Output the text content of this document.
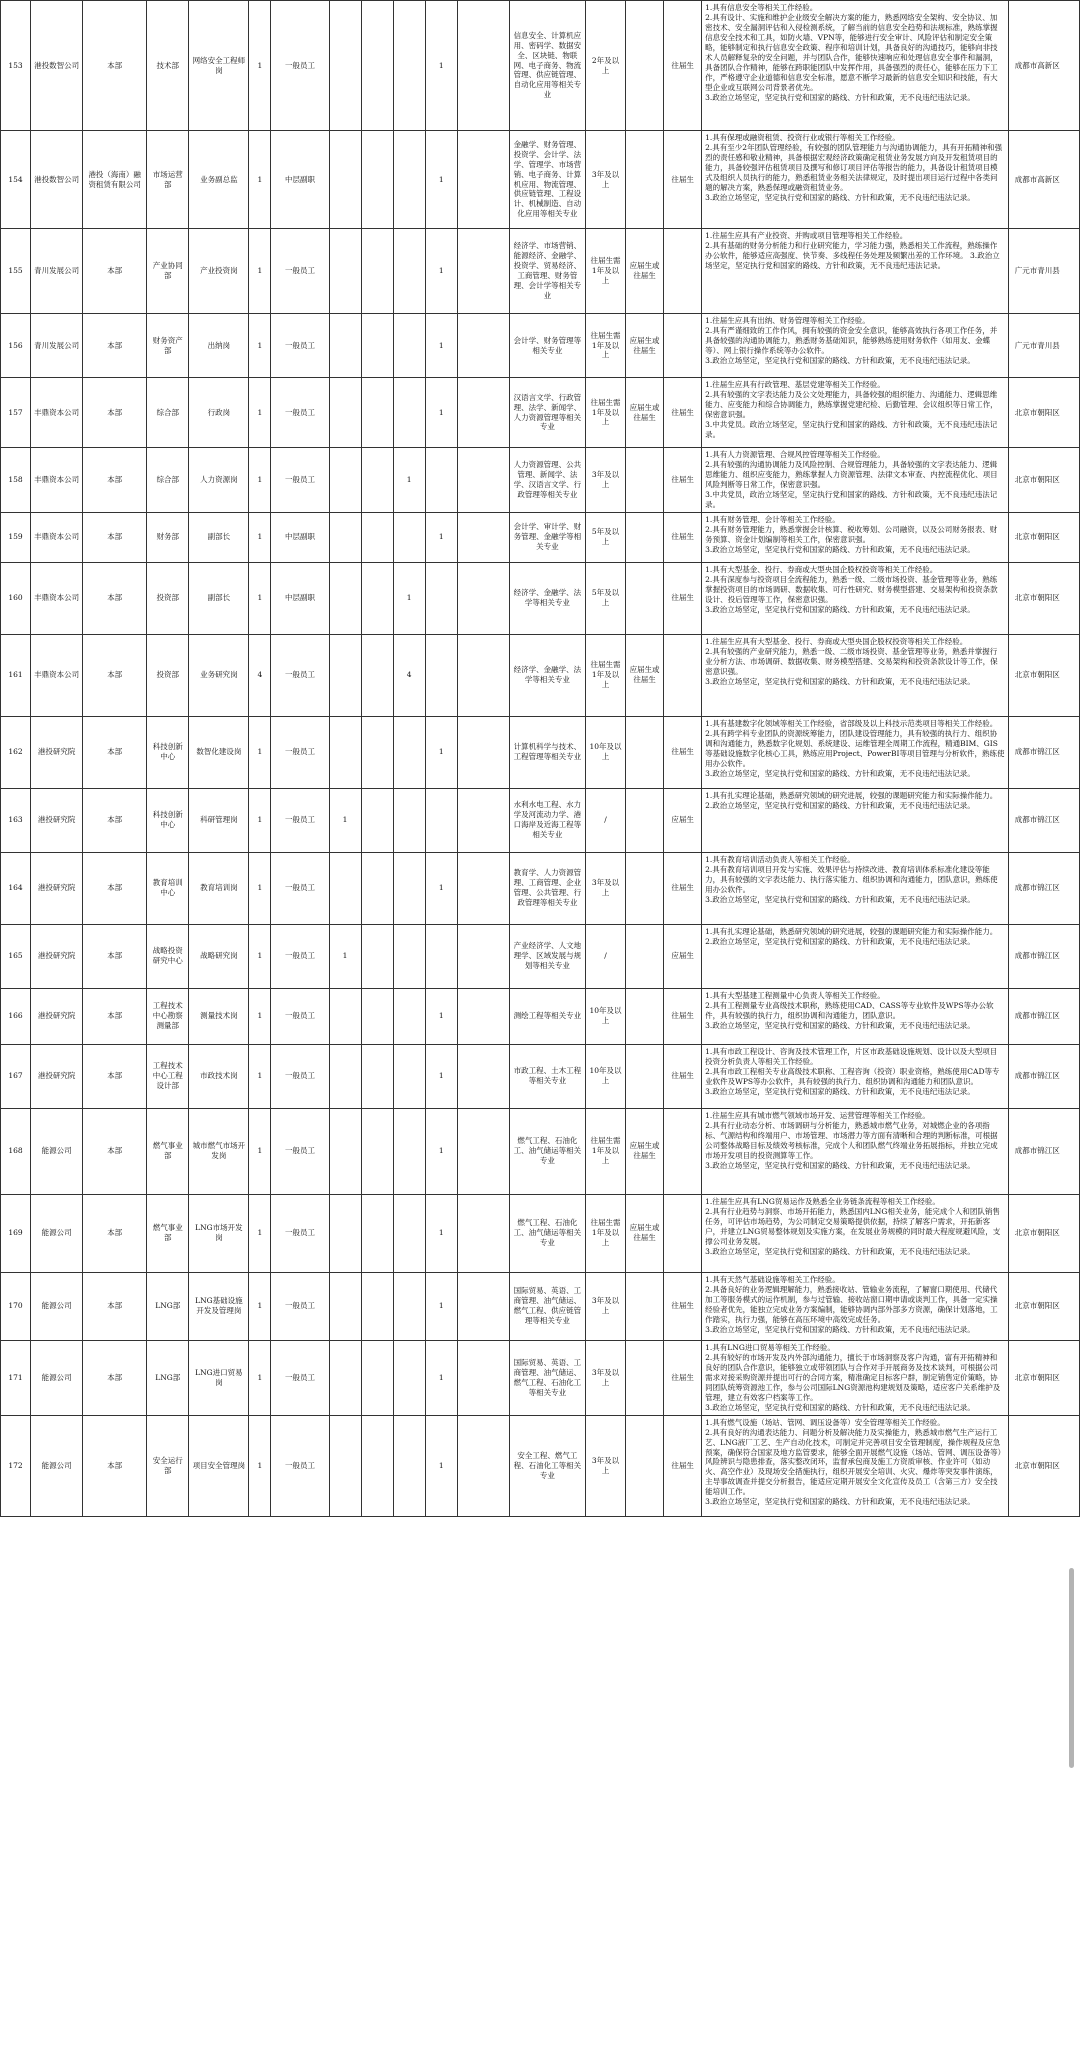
153	港投数智公司	本部	技术部	网络安全工程师岗	1	一般员工				1		信息安全、计算机应用、密码学、数据安全、区块链、物联网、电子商务、物流管理、供应链管理、自动化应用等相关专业	2年及以上		往届生	1.具有信息安全等相关工作经验。
2.具有设计、实施和维护企业级安全解决方案的能力，熟悉网络安全架构、安全协议、加密技术、安全漏洞评估和入侵检测系统，了解当前的信息安全趋势和法规标准，熟练掌握信息安全技术和工具，如防火墙、VPN等，能够进行安全审计、风险评估和制定安全策略，能够制定和执行信息安全政策、程序和培训计划，具备良好的沟通技巧，能够向非技术人员解释复杂的安全问题，并与团队合作，能够快速响应和处理信息安全事件和漏洞，具备团队合作精神，能够在跨职能团队中发挥作用，具备强烈的责任心，能够在压力下工作，严格遵守企业道德和信息安全标准，愿意不断学习最新的信息安全知识和技能，有大型企业或互联网公司背景者优先。
3.政治立场坚定，坚定执行党和国家的路线、方针和政策，无不良违纪违法记录。	成都市高新区
154	港投数智公司	港投（海南）融资租赁有限公司	市场运营部	业务副总监	1	中层副职				1		金融学、财务管理、投资学、会计学、法学、管理学、市场营销、电子商务、计算机应用、物流管理、供应链管理、工程设计、机械制造、自动化应用等相关专业	3年及以上		往届生	1.具有保理或融资租赁、投资行业或银行等相关工作经验。
2.具有至少2年团队管理经验，有较强的团队管理能力与沟通协调能力，具有开拓精神和强烈的责任感和敬业精神，具备根据宏观经济政策确定租赁业务发展方向及开发租赁项目的能力，具备较强评估租赁项目及撰写和修订项目评估等报告的能力，具备设计租赁项目模式及组织人员执行的能力，熟悉租赁业务相关法律规定，及时提出项目运行过程中各类问题的解决方案，熟悉保理或融资租赁业务。
3.政治立场坚定，坚定执行党和国家的路线、方针和政策，无不良违纪违法记录。	成都市高新区
155	青川发展公司	本部	产业协同部	产业投资岗	1	一般员工				1		经济学、市场营销、能源经济、金融学、投资学、贸易经济、工商管理、财务管理、会计学等相关专业	往届生需1年及以上	应届生或往届生		1.往届生应具有产业投资、并购或项目管理等相关工作经验。
2.具有基础的财务分析能力和行业研究能力，学习能力强，熟悉相关工作流程，熟练操作办公软件，能够适应高强度、快节奏、多线程任务处理及频繁出差的工作环境。 3.政治立场坚定，坚定执行党和国家的路线、方针和政策，无不良违纪违法记录。	广元市青川县
156	青川发展公司	本部	财务资产部	出纳岗	1	一般员工				1		会计学、财务管理等相关专业	往届生需1年及以上	应届生或往届生		1.往届生应具有出纳、财务管理等相关工作经验。
2.具有严谨细致的工作作风，拥有较强的资金安全意识，能够高效执行各项工作任务，并具备较强的沟通协调能力，熟悉财务基础知识，能够熟练使用财务软件（如用友、金蝶等）、网上银行操作系统等办公软件。
3.政治立场坚定，坚定执行党和国家的路线、方针和政策，无不良违纪违法记录。	广元市青川县
157	丰鼎资本公司	本部	综合部	行政岗	1	一般员工				1		汉语言文学、行政管理、法学、新闻学、人力资源管理等相关专业	往届生需1年及以上	应届生或往届生	往届生	1.往届生应具有行政管理、基层党建等相关工作经验。
2.具有较强的文字表达能力及公文处理能力，具备较强的组织能力、沟通能力、逻辑思维能力、应变能力和综合协调能力，熟练掌握党建纪检、后勤管理、会议组织等日常工作，保密意识强。
3.中共党员。政治立场坚定，坚定执行党和国家的路线、方针和政策，无不良违纪违法记录。	北京市朝阳区
158	丰鼎资本公司	本部	综合部	人力资源岗	1	一般员工			1			人力资源管理、公共管理、新闻学、法学、汉语言文学、行政管理等相关专业	3年及以上		往届生	1.具有人力资源管理、合规风控管理等相关工作经验。
2.具有较强的沟通协调能力及风险控制、合规管理能力，具备较强的文字表达能力、逻辑思维能力、组织应变能力，熟练掌握人力资源管理、法律文本审查、内控流程优化、项目风险判断等日常工作，保密意识强。
3.中共党员，政治立场坚定，坚定执行党和国家的路线、方针和政策，无不良违纪违法记录。	北京市朝阳区
159	丰鼎资本公司	本部	财务部	副部长	1	中层副职				1		会计学、审计学、财务管理、金融学等相关专业	5年及以上		往届生	1.具有财务管理、会计等相关工作经验。
2.具有财务管理能力，熟悉掌握会计核算、税收筹划、公司融资，以及公司财务报表、财务预算、资金计划编制等相关工作，保密意识强。
3.政治立场坚定，坚定执行党和国家的路线、方针和政策，无不良违纪违法记录。	北京市朝阳区
160	丰鼎资本公司	本部	投资部	副部长	1	中层副职			1			经济学、金融学、法学等相关专业	5年及以上		往届生	1.具有大型基金、投行、券商或大型央国企股权投资等相关工作经验。
2.具有深度参与投资项目全流程能力，熟悉一级、二级市场投资、基金管理等业务，熟练掌握投资项目的市场调研、数据收集、可行性研究、财务模型搭建、交易架构和投资条款设计、投后管理等工作，保密意识强。
3.政治立场坚定，坚定执行党和国家的路线、方针和政策，无不良违纪违法记录。	北京市朝阳区
161	丰鼎资本公司	本部	投资部	业务研究岗	4	一般员工			4			经济学、金融学、法学等相关专业	往届生需1年及以上	应届生或往届生		1.往届生应具有大型基金、投行、券商或大型央国企股权投资等相关工作经验。
2.具有较强的产业研究能力，熟悉一级、二级市场投资、基金管理等业务，熟悉并掌握行业分析方法、市场调研、数据收集、财务模型搭建、交易架构和投资条款设计等工作，保密意识强。
3.政治立场坚定，坚定执行党和国家的路线、方针和政策，无不良违纪违法记录。	北京市朝阳区
162	港投研究院	本部	科技创新中心	数智化建设岗	1	一般员工				1		计算机科学与技术、工程管理等相关专业	10年及以上		往届生	1.具有基建数字化领域等相关工作经验，省部级及以上科技示范类项目等相关工作经验。
2.具有跨学科专业团队的资源统筹能力，团队建设管理能力，具有较强的执行力、组织协调和沟通能力，熟悉数字化规划、系统建设、运维管理全周期工作流程，精通BIM、GIS等基础设施数字化核心工具，熟练应用Project、PowerBI等项目管理与分析软件，熟练使用办公软件。
3.政治立场坚定，坚定执行党和国家的路线、方针和政策，无不良违纪违法记录。	成都市锦江区
163	港投研究院	本部	科技创新中心	科研管理岗	1	一般员工	1					水利水电工程、水力学及河流动力学、港口海岸及近海工程等相关专业	/		应届生	1.具有扎实理论基础，熟悉研究领域的研究进展，较强的课题研究能力和实际操作能力。
2.政治立场坚定，坚定执行党和国家的路线、方针和政策，无不良违纪违法记录。	成都市锦江区
164	港投研究院	本部	教育培训中心	教育培训岗	1	一般员工				1		教育学、人力资源管理、工商管理、企业管理、公共管理、行政管理等相关专业	3年及以上		往届生	1.具有教育培训活动负责人等相关工作经验。
2.具有教育培训项目开发与实施、效果评估与持续改进、教育培训体系标准化建设等能力，具有较强的文字表达能力、执行落实能力、组织协调和沟通能力，团队意识，熟练使用办公软件。
3.政治立场坚定，坚定执行党和国家的路线、方针和政策，无不良违纪违法记录。	成都市锦江区
165	港投研究院	本部	战略投资研究中心	战略研究岗	1	一般员工	1					产业经济学、人文地理学、区域发展与规划等相关专业	/		应届生	1.具有扎实理论基础，熟悉研究领域的研究进展，较强的课题研究能力和实际操作能力。
2.政治立场坚定，坚定执行党和国家的路线、方针和政策，无不良违纪违法记录。	成都市锦江区
166	港投研究院	本部	工程技术中心勘察测量部	测量技术岗	1	一般员工				1		测绘工程等相关专业	10年及以上		往届生	1.具有大型基建工程测量中心负责人等相关工作经验。
2.具有工程测量专业高级技术职称，熟练使用CAD、CASS等专业软件及WPS等办公软件，具有较强的执行力，组织协调和沟通能力，团队意识。
3.政治立场坚定，坚定执行党和国家的路线、方针和政策，无不良违纪违法记录。	成都市锦江区
167	港投研究院	本部	工程技术中心工程设计部	市政技术岗	1	一般员工				1		市政工程、土木工程等相关专业	10年及以上		往届生	1.具有市政工程设计、咨询及技术管理工作，片区市政基础设施规划、设计以及大型项目投资分析负责人等相关工作经验。
2.具有市政工程相关专业高级技术职称、工程咨询（投资）职业资格，熟练使用CAD等专业软件及WPS等办公软件，具有较强的执行力、组织协调和沟通能力和团队意识。
3.政治立场坚定，坚定执行党和国家的路线、方针和政策，无不良违纪违法记录。	成都市锦江区
168	能源公司	本部	燃气事业部	城市燃气市场开发岗	1	一般员工				1		燃气工程、石油化工、油气储运等相关专业	往届生需1年及以上	应届生或往届生		1.往届生应具有城市燃气领域市场开发、运营管理等相关工作经验。
2.具有行业动态分析、市场调研与分析能力，熟悉城市燃气业务，对城燃企业的各项指标、气源结构和终端用户、市场管理、市场潜力等方面有清晰和合理的判断标准，可根据公司整体战略目标及绩效考核标准，完成个人和团队燃气终端业务拓展指标，并独立完成市场开发项目的投资测算等工作。
3.政治立场坚定，坚定执行党和国家的路线、方针和政策，无不良违纪违法记录。	成都市锦江区
169	能源公司	本部	燃气事业部	LNG市场开发岗	1	一般员工				1		燃气工程、石油化工、油气储运等相关专业	往届生需1年及以上	应届生或往届生		1.往届生应具有LNG贸易运作及熟悉全业务链条流程等相关工作经验。
2.具有行业趋势与洞察、市场开拓能力，熟悉国内LNG相关业务，能完成个人和团队销售任务，可评估市场趋势，为公司制定交易策略提供依据，持续了解客户需求，开拓新客户，并建立LNG贸易整体规划及实施方案，在发展业务规模的同时最大程度规避风险，支撑公司业务发展。
3.政治立场坚定，坚定执行党和国家的路线、方针和政策，无不良违纪违法记录。	北京市朝阳区
170	能源公司	本部	LNG部	LNG基础设施开发及管理岗	1	一般员工				1		国际贸易、英语、工商管理、油气储运、燃气工程、供应链管理等相关专业	3年及以上		往届生	1.具有天然气基础设施等相关工作经验。
2.具备良好的业务逻辑理解能力，熟悉接收站、管输业务流程，了解窗口期使用、代储代加工等服务模式的运作机制，参与过管输、接收站窗口期申请或谈判工作，具备一定实操经验者优先，能独立完成业务方案编制，能够协调内部外部多方资源，确保计划落地，工作踏实，执行力强，能够在高压环境中高效完成任务。
3.政治立场坚定，坚定执行党和国家的路线、方针和政策，无不良违纪违法记录。	北京市朝阳区
171	能源公司	本部	LNG部	LNG进口贸易岗	1	一般员工				1		国际贸易、英语、工商管理、油气储运、燃气工程、石油化工等相关专业	3年及以上		往届生	1.具有LNG进口贸易等相关工作经验。
2.具有较好的市场开发及内外部沟通能力，擅长于市场洞察及客户沟通，富有开拓精神和良好的团队合作意识，能够独立或带领团队与合作对手开展商务及技术谈判，可根据公司需求对接采购资源并提出可行的合同方案，精准确定目标客户群，制定销售定价策略，协同团队统筹资源池工作，参与公司国际LNG资源池构建规划及策略，适应客户关系维护及管理，建立有效客户档案等工作。
3.政治立场坚定，坚定执行党和国家的路线、方针和政策，无不良违纪违法记录。	北京市朝阳区
172	能源公司	本部	安全运行部	项目安全管理岗	1	一般员工				1		安全工程、燃气工程、石油化工等相关专业	3年及以上		往届生	1.具有燃气设施（场站、管网、调压设备等）安全管理等相关工作经验。
2.具有良好的沟通表达能力、问题分析及解决能力及实操能力，熟悉城市燃气生产运行工艺、LNG液厂工艺、生产自动化技术，可制定并完善项目安全管理制度，操作规程及应急预案，确保符合国家及地方监管要求，能够全面开展燃气设施（场站、管网、调压设备等）风险辨识与隐患排查，落实整改闭环，监督承包商及施工方资质审核、作业许可（如动火、高空作业）及现场安全措施执行，组织开展安全培训、火灾、爆炸等突发事件演练，主导事故调查并提交分析报告，能适应定期开展安全文化宣传及员工（含第三方）安全技能培训工作。
3.政治立场坚定，坚定执行党和国家的路线、方针和政策，无不良违纪违法记录。	北京市朝阳区
